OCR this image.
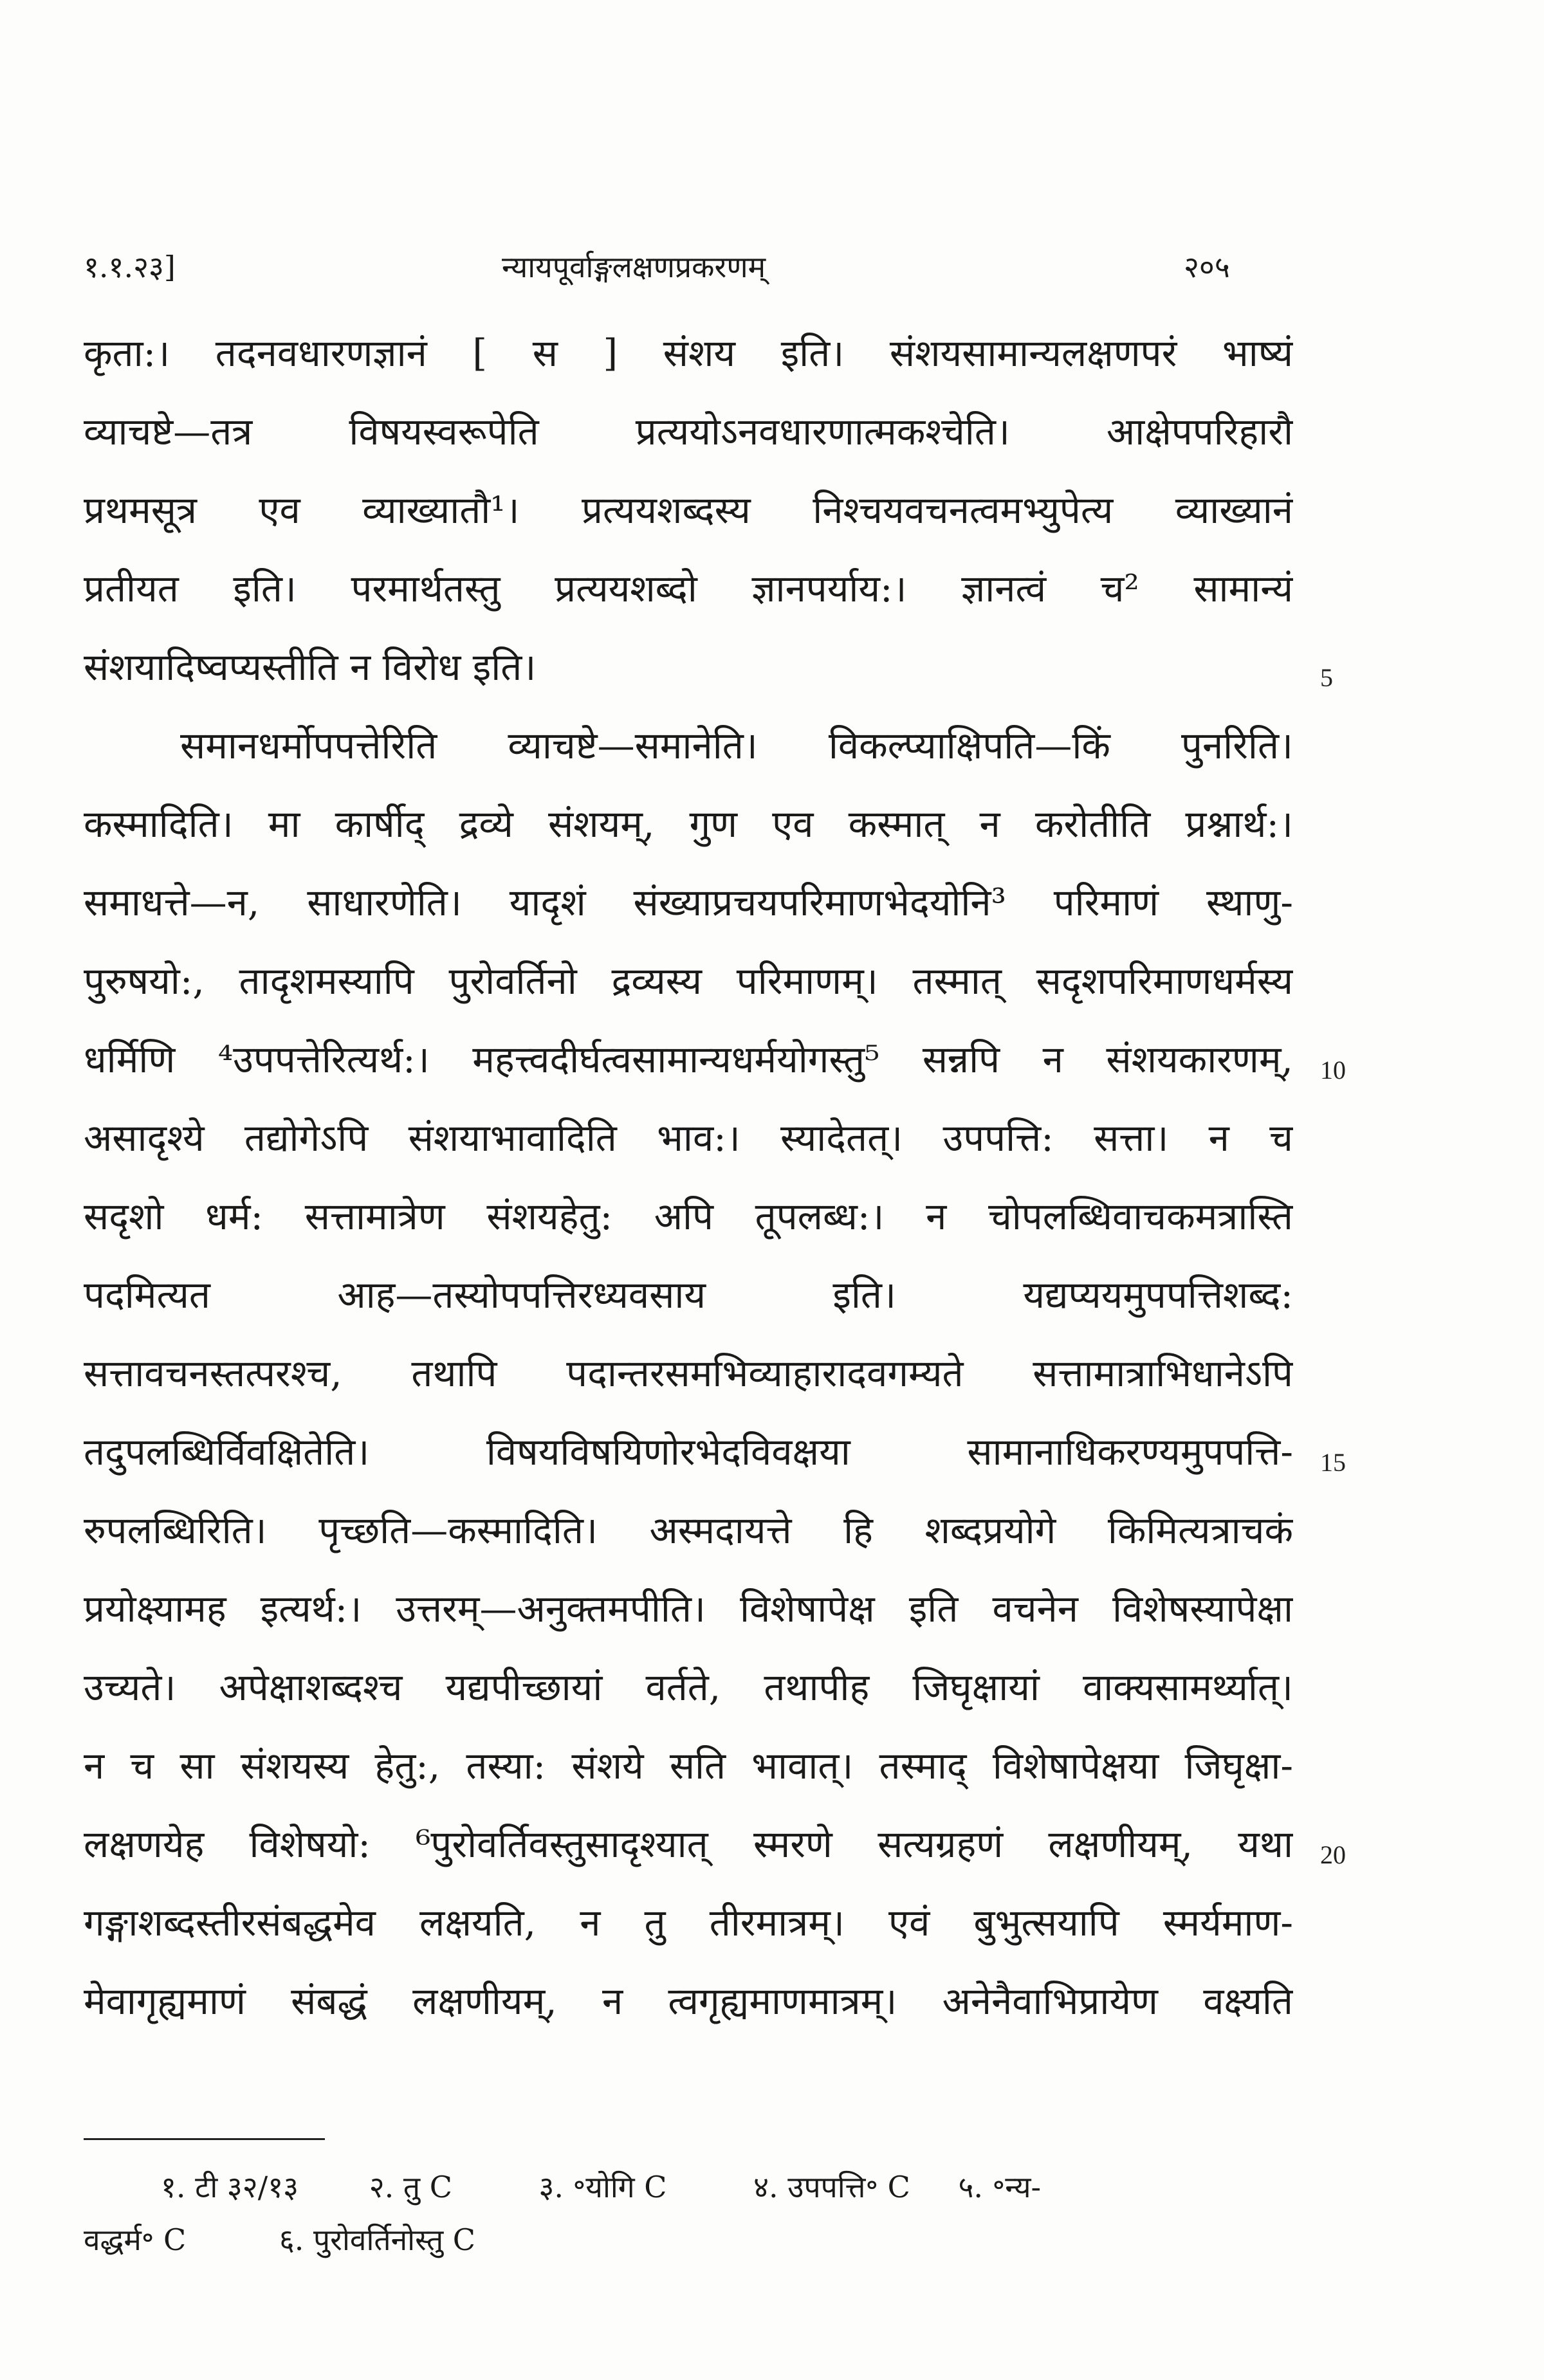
१.१.२३]	न्यायपूर्वाङ्गलक्षणप्रकरणम्	२०५
कृता:। तदनवधारणज्ञानं [ स ] संशय इति। संशयसामान्यलक्षणपरं भाष्यं
व्याचष्टे—तत्र विषयस्वरूपेति प्रत्ययोऽनवधारणात्मकश्चेति। आक्षेपपरिहारौ
प्रथमसूत्र एव व्याख्यातौ¹। प्रत्ययशब्दस्य निश्चयवचनत्वमभ्युपेत्य व्याख्यानं
प्रतीयत इति। परमार्थतस्तु प्रत्ययशब्दो ज्ञानपर्याय:। ज्ञानत्वं च² सामान्यं
संशयादिष्वप्यस्तीति न विरोध इति।
समानधर्मोपपत्तेरिति व्याचष्टे—समानेति। विकल्प्याक्षिपति—किं पुनरिति।
कस्मादिति। मा कार्षीद् द्रव्ये संशयम्, गुण एव कस्मात् न करोतीति प्रश्नार्थ:।
समाधत्ते—न, साधारणेति। यादृशं संख्याप्रचयपरिमाणभेदयोनि³ परिमाणं स्थाणु-
पुरुषयो:, तादृशमस्यापि पुरोवर्तिनो द्रव्यस्य परिमाणम्। तस्मात् सदृशपरिमाणधर्मस्य
धर्मिणि ⁴उपपत्तेरित्यर्थ:। महत्त्वदीर्घत्वसामान्यधर्मयोगस्तु⁵ सन्नपि न संशयकारणम्,
असादृश्ये तद्योगेऽपि संशयाभावादिति भाव:। स्यादेतत्। उपपत्ति: सत्ता। न च
सदृशो धर्म: सत्तामात्रेण संशयहेतु: अपि तूपलब्ध:। न चोपलब्धिवाचकमत्रास्ति
पदमित्यत आह—तस्योपपत्तिरध्यवसाय इति। यद्यप्ययमुपपत्तिशब्द:
सत्तावचनस्तत्परश्च, तथापि पदान्तरसमभिव्याहारादवगम्यते सत्तामात्राभिधानेऽपि
तदुपलब्धिर्विवक्षितेति। विषयविषयिणोरभेदविवक्षया सामानाधिकरण्यमुपपत्ति-
रुपलब्धिरिति। पृच्छति—कस्मादिति। अस्मदायत्ते हि शब्दप्रयोगे किमित्यत्राचकं
प्रयोक्ष्यामह इत्यर्थ:। उत्तरम्—अनुक्तमपीति। विशेषापेक्ष इति वचनेन विशेषस्यापेक्षा
उच्यते। अपेक्षाशब्दश्च यद्यपीच्छायां वर्तते, तथापीह जिघृक्षायां वाक्यसामर्थ्यात्।
न च सा संशयस्य हेतु:, तस्या: संशये सति भावात्। तस्माद् विशेषापेक्षया जिघृक्षा-
लक्षणयेह विशेषयो: ⁶पुरोवर्तिवस्तुसादृश्यात् स्मरणे सत्यग्रहणं लक्षणीयम्, यथा
गङ्गाशब्दस्तीरसंबद्धमेव लक्षयति, न तु तीरमात्रम्। एवं बुभुत्सयापि स्मर्यमाण-
मेवागृह्यमाणं संबद्धं लक्षणीयम्, न त्वगृह्यमाणमात्रम्। अनेनैवाभिप्रायेण वक्ष्यति
5
10
15
20
१. टी ३२/१३ २. तु C	३. ॰योगि C	४. उपपत्ति॰ C ५. ॰न्य-
वद्धर्म॰ C	६. पुरोवर्तिनोस्तु C
